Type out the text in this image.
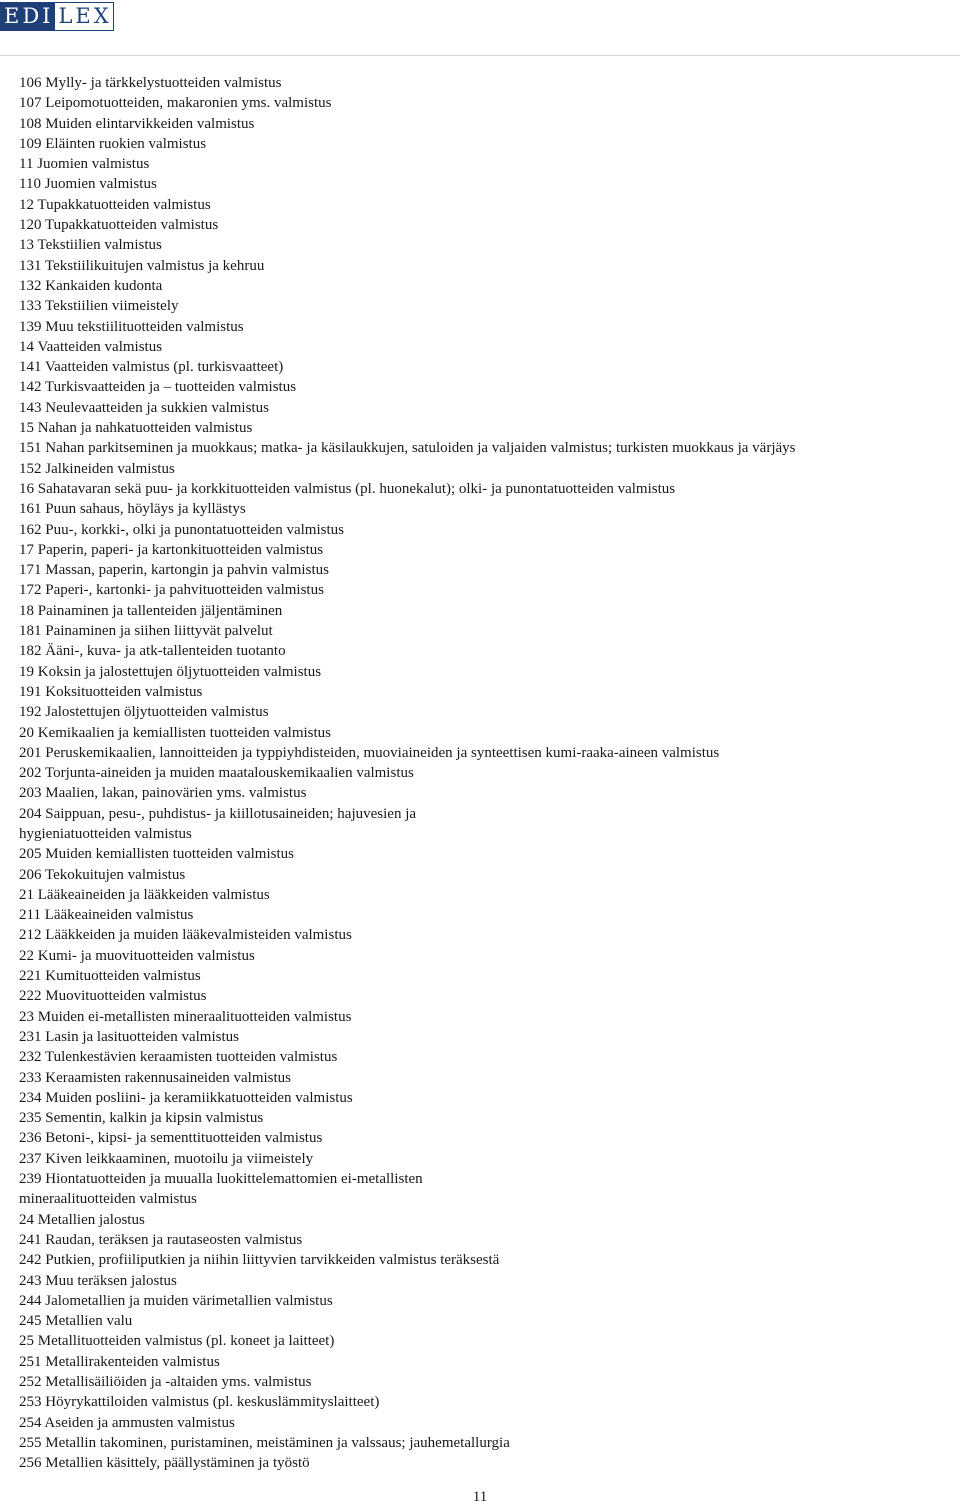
EDI LEX
106 Mylly- ja tärkkelystuotteiden valmistus
107 Leipomotuotteiden, makaronien yms. valmistus
108 Muiden elintarvikkeiden valmistus
109 Eläinten ruokien valmistus
11 Juomien valmistus
110 Juomien valmistus
12 Tupakkatuotteiden valmistus
120 Tupakkatuotteiden valmistus
13 Tekstiilien valmistus
131 Tekstiilikuitujen valmistus ja kehruu
132 Kankaiden kudonta
133 Tekstiilien viimeistely
139 Muu tekstiilituotteiden valmistus
14 Vaatteiden valmistus
141 Vaatteiden valmistus (pl. turkisvaatteet)
142 Turkisvaatteiden ja – tuotteiden valmistus
143 Neulevaatteiden ja sukkien valmistus
15 Nahan ja nahkatuotteiden valmistus
151 Nahan parkitseminen ja muokkaus; matka- ja käsilaukkujen, satuloiden ja valjaiden valmistus; turkisten muokkaus ja värjäys
152 Jalkineiden valmistus
16 Sahatavaran sekä puu- ja korkkituotteiden valmistus (pl. huonekalut); olki- ja punontatuotteiden valmistus
161 Puun sahaus, höyläys ja kyllästys
162 Puu-, korkki-, olki ja punontatuotteiden valmistus
17 Paperin, paperi- ja kartonkituotteiden valmistus
171 Massan, paperin, kartongin ja pahvin valmistus
172 Paperi-, kartonki- ja pahvituotteiden valmistus
18 Painaminen ja tallenteiden jäljentäminen
181 Painaminen ja siihen liittyvät palvelut
182 Ääni-, kuva- ja atk-tallenteiden tuotanto
19 Koksin ja jalostettujen öljytuotteiden valmistus
191 Koksituotteiden valmistus
192 Jalostettujen öljytuotteiden valmistus
20 Kemikaalien ja kemiallisten tuotteiden valmistus
201 Peruskemikaalien, lannoitteiden ja typpiyhdisteiden, muoviaineiden ja synteettisen kumi-raaka-aineen valmistus
202 Torjunta-aineiden ja muiden maatalouskemikaalien valmistus
203 Maalien, lakan, painovärien yms. valmistus
204 Saippuan, pesu-, puhdistus- ja kiillotusaineiden; hajuvesien ja
hygieniatuotteiden valmistus
205 Muiden kemiallisten tuotteiden valmistus
206 Tekokuitujen valmistus
21 Lääkeaineiden ja lääkkeiden valmistus
211 Lääkeaineiden valmistus
212 Lääkkeiden ja muiden lääkevalmisteiden valmistus
22 Kumi- ja muovituotteiden valmistus
221 Kumituotteiden valmistus
222 Muovituotteiden valmistus
23 Muiden ei-metallisten mineraalituotteiden valmistus
231 Lasin ja lasituotteiden valmistus
232 Tulenkestävien keraamisten tuotteiden valmistus
233 Keraamisten rakennusaineiden valmistus
234 Muiden posliini- ja keramiikkatuotteiden valmistus
235 Sementin, kalkin ja kipsin valmistus
236 Betoni-, kipsi- ja sementtituotteiden valmistus
237 Kiven leikkaaminen, muotoilu ja viimeistely
239 Hiontatuotteiden ja muualla luokittelemattomien ei-metallisten
mineraalituotteiden valmistus
24 Metallien jalostus
241 Raudan, teräksen ja rautaseosten valmistus
242 Putkien, profiiliputkien ja niihin liittyvien tarvikkeiden valmistus teräksestä
243 Muu teräksen jalostus
244 Jalometallien ja muiden värimetallien valmistus
245 Metallien valu
25 Metallituotteiden valmistus (pl. koneet ja laitteet)
251 Metallirakenteiden valmistus
252 Metallisäiliöiden ja -altaiden yms. valmistus
253 Höyrykattiloiden valmistus (pl. keskuslämmityslaitteet)
254 Aseiden ja ammusten valmistus
255 Metallin takominen, puristaminen, meistäminen ja valssaus; jauhemetallurgia
256 Metallien käsittely, päällystäminen ja työstö
11
